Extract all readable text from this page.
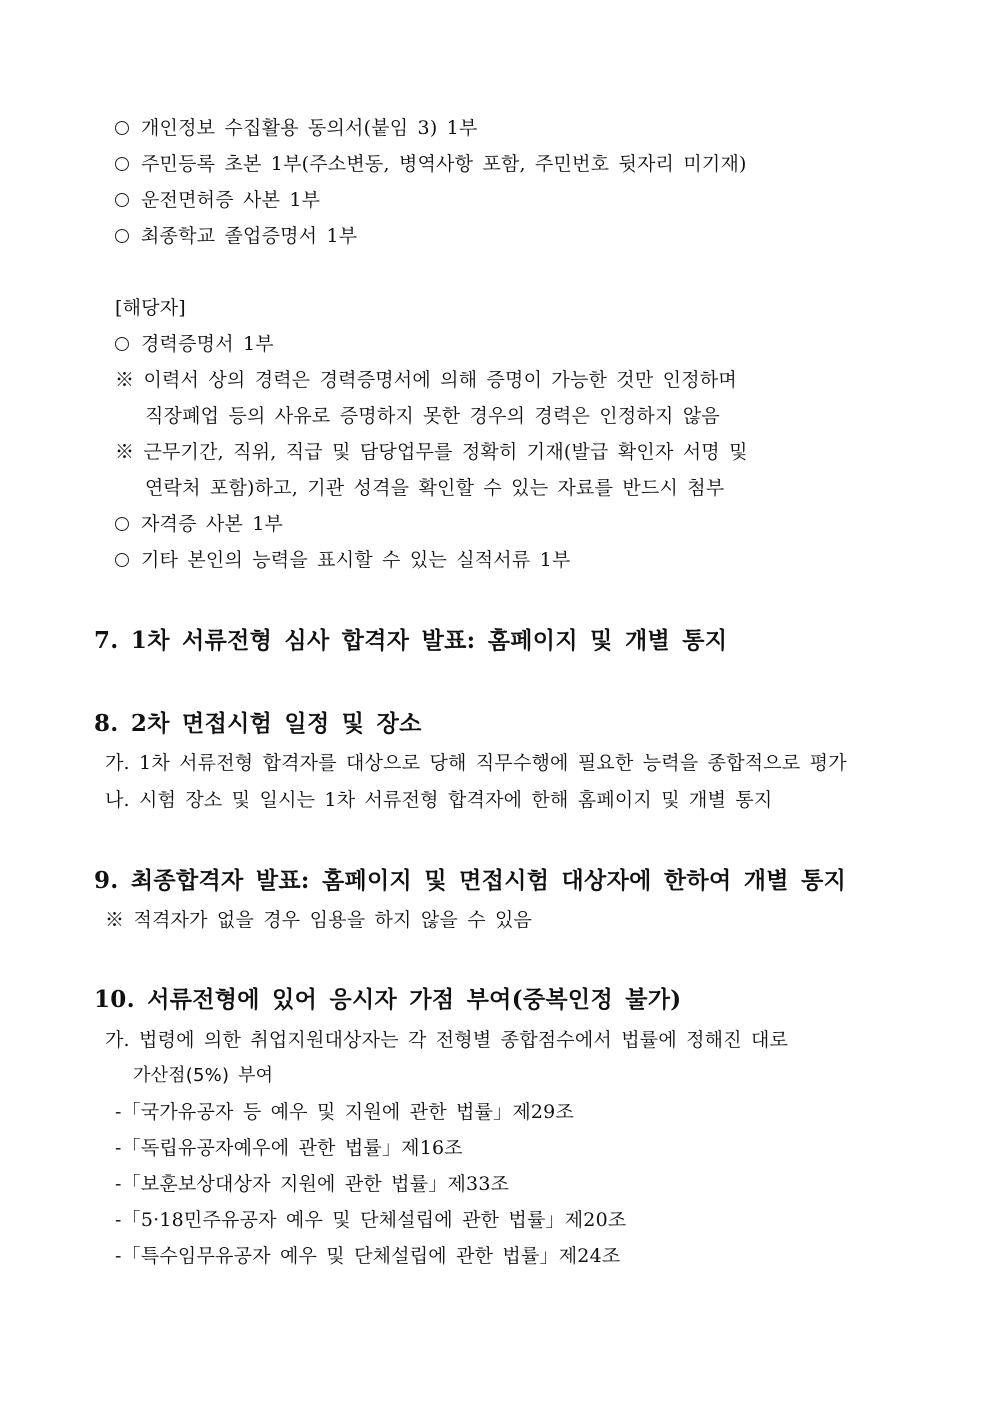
개인정보 수집활용 동의서(붙임 3) 1부
주민등록 초본 1부(주소변동, 병역사항 포함, 주민번호 뒷자리 미기재)
운전면허증 사본 1부
최종학교 졸업증명서 1부
[해당자]
경력증명서 1부
※ 이력서 상의 경력은 경력증명서에 의해 증명이 가능한 것만 인정하며
직장폐업 등의 사유로 증명하지 못한 경우의 경력은 인정하지 않음
※ 근무기간, 직위, 직급 및 담당업무를 정확히 기재(발급 확인자 서명 및
연락처 포함)하고, 기관 성격을 확인할 수 있는 자료를 반드시 첨부
자격증 사본 1부
기타 본인의 능력을 표시할 수 있는 실적서류 1부
7. 1차 서류전형 심사 합격자 발표: 홈페이지 및 개별 통지
8. 2차 면접시험 일정 및 장소
가. 1차 서류전형 합격자를 대상으로 당해 직무수행에 필요한 능력을 종합적으로 평가
나. 시험 장소 및 일시는 1차 서류전형 합격자에 한해 홈페이지 및 개별 통지
9. 최종합격자 발표: 홈페이지 및 면접시험 대상자에 한하여 개별 통지
※ 적격자가 없을 경우 임용을 하지 않을 수 있음
10. 서류전형에 있어 응시자 가점 부여(중복인정 불가)
가. 법령에 의한 취업지원대상자는 각 전형별 종합점수에서 법률에 정해진 대로
가산점(5%) 부여
-「국가유공자 등 예우 및 지원에 관한 법률」제29조
-「독립유공자예우에 관한 법률」제16조
-「보훈보상대상자 지원에 관한 법률」제33조
-「5·18민주유공자 예우 및 단체설립에 관한 법률」제20조
-「특수임무유공자 예우 및 단체설립에 관한 법률」제24조
